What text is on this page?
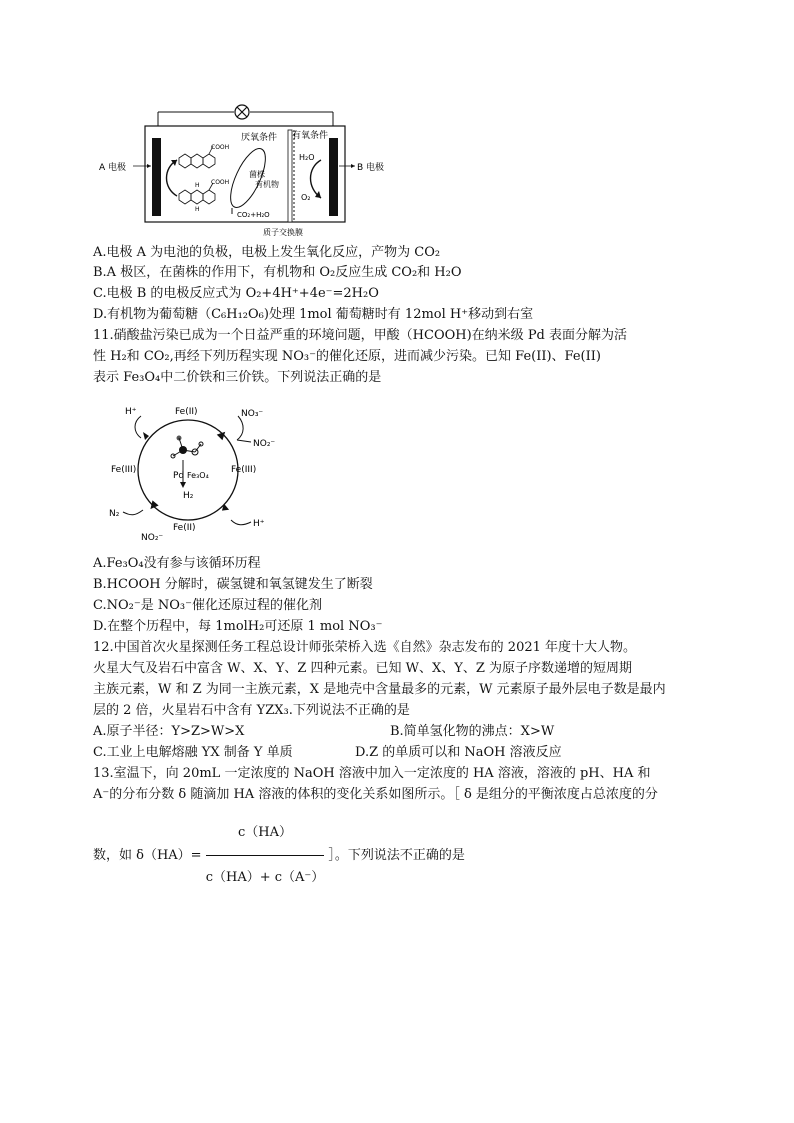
A 电极	B 电极
厌氧条件 有氧条件
COOH
COOH
H
H
菌株
有机物
CO₂+H₂O
H₂O
O₂
质子交换膜
A.电极 A 为电池的负极，电极上发生氧化反应，产物为 CO₂
B.A 极区，在菌株的作用下，有机物和 O₂反应生成 CO₂和 H₂O
C.电极 B 的电极反应式为 O₂+4H⁺+4e⁻=2H₂O
D.有机物为葡萄糖（C₆H₁₂O₆)处理 1mol 葡萄糖时有 12mol H⁺移动到右室
11.硝酸盐污染已成为一个日益严重的环境问题，甲酸（HCOOH)在纳米级 Pd 表面分解为活
性 H₂和 CO₂,再经下列历程实现 NO₃⁻的催化还原，进而减少污染。已知 Fe(II)、Fe(II)
表示 Fe₃O₄中二价铁和三价铁。下列说法正确的是
H⁺	Fe(II)	NO₃⁻
NO₂⁻
Fe(III)	Fe(III)
Pd Fe₃O₄
H₂
N₂
Fe(II)	H⁺
NO₂⁻
A.Fe₃O₄没有参与该循环历程
B.HCOOH 分解时，碳氢键和氧氢键发生了断裂
C.NO₂⁻是 NO₃⁻催化还原过程的催化剂
D.在整个历程中，每 1molH₂可还原 1 mol NO₃⁻
12.中国首次火星探测任务工程总设计师张荣桥入选《自然》杂志发布的 2021 年度十大人物。
火星大气及岩石中富含 W、X、Y、Z 四种元素。已知 W、X、Y、Z 为原子序数递增的短周期
主族元素，W 和 Z 为同一主族元素，X 是地壳中含量最多的元素，W 元素原子最外层电子数是最内
层的 2 倍，火星岩石中含有 YZX₃.下列说法不正确的是
A.原子半径：Y>Z>W>X	B.简单氢化物的沸点：X>W
C.工业上电解熔融 YX 制备 Y 单质	D.Z 的单质可以和 NaOH 溶液反应
13.室温下，向 20mL 一定浓度的 NaOH 溶液中加入一定浓度的 HA 溶液，溶液的 pH、HA 和
A⁻的分布分数 δ 随滴加 HA 溶液的体积的变化关系如图所示。［ δ 是组分的平衡浓度占总浓度的分
数，如 $\delta(HA)= \frac{c(HA)}{c(HA)+ c(A^-)}$ ］。下列说法不正确的是
